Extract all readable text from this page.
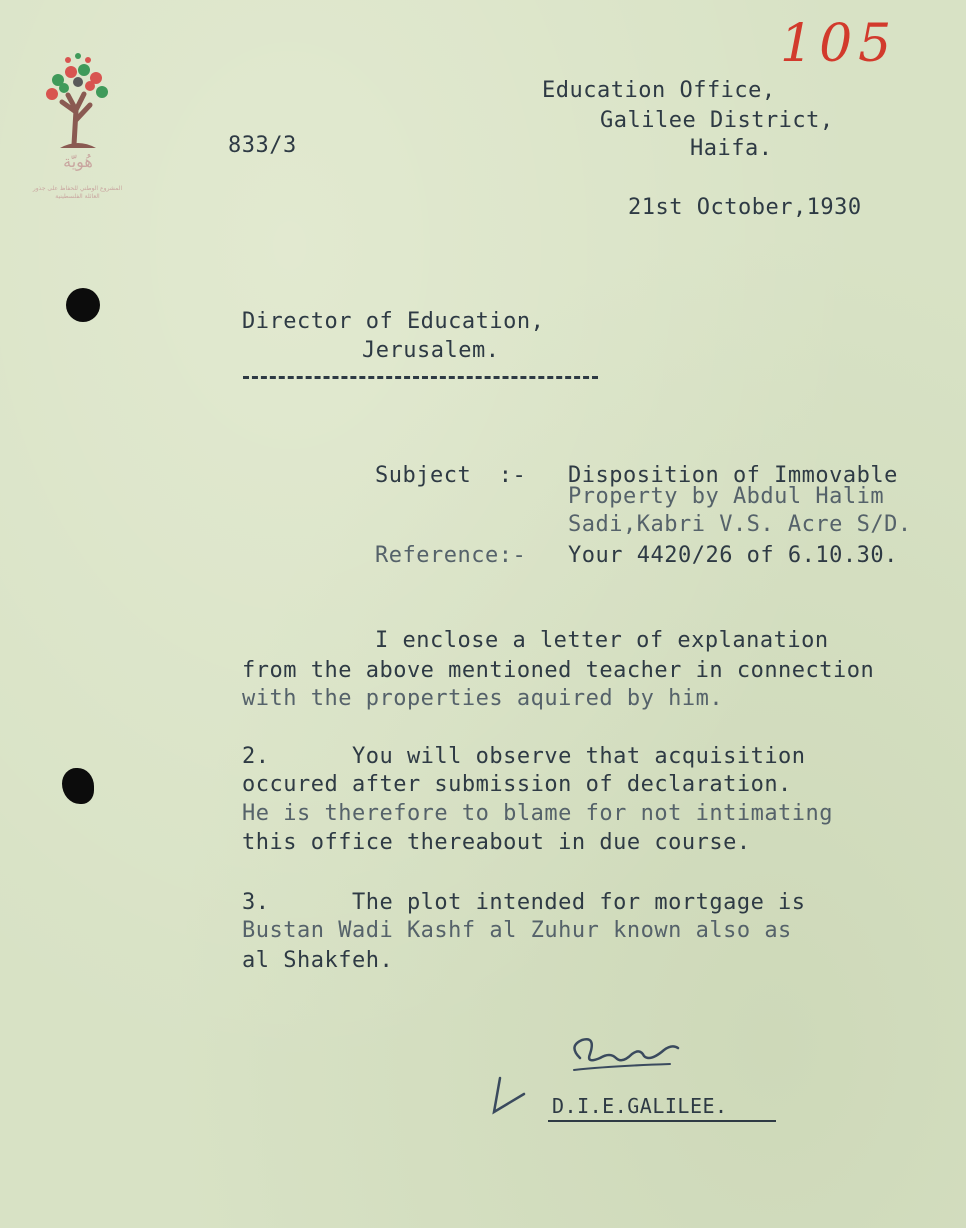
هُويّة
المشروع الوطني للحفاظ على جذور العائلة الفلسطينية
105
833/3
Education Office,
Galilee District,
Haifa.
21st October,1930
Director of Education,
Jerusalem.
Subject  :- Disposition of Immovable
Property by Abdul Halim
Sadi,Kabri V.S. Acre S/D.
Reference:- Your 4420/26 of 6.10.30.
I enclose a letter of explanation
from the above mentioned teacher in connection
with the properties aquired by him.
2.      You will observe that acquisition
occured after submission of declaration.
He is therefore to blame for not intimating
this office thereabout in due course.
3.      The plot intended for mortgage is
Bustan Wadi Kashf al Zuhur known also as
al Shakfeh.
D.I.E.GALILEE.
